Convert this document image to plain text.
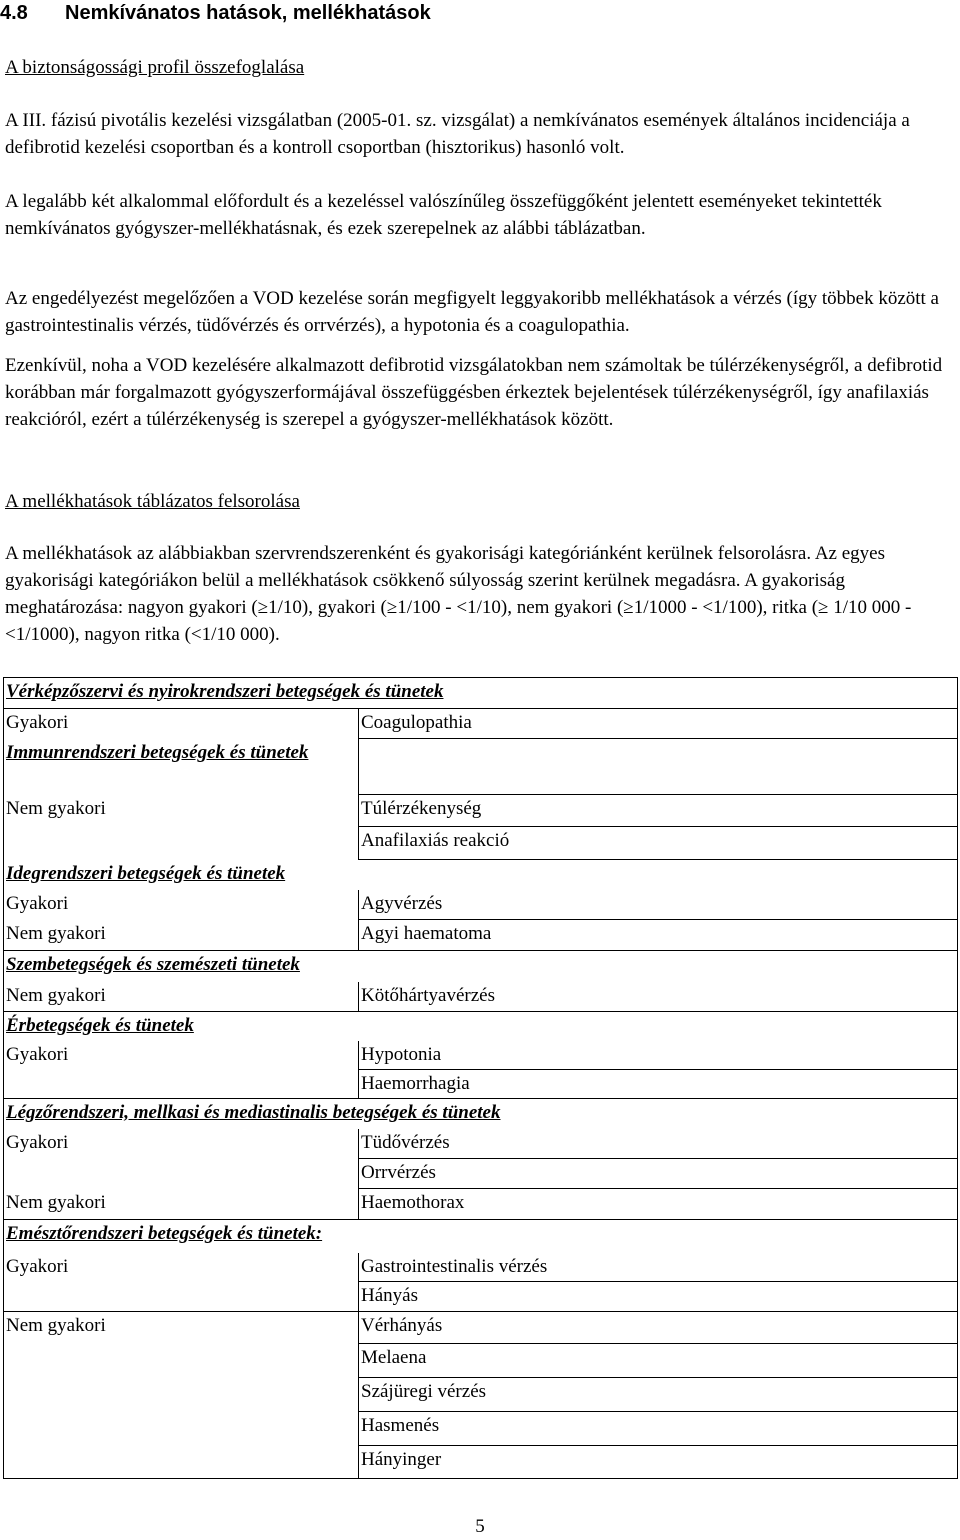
4.8 Nemkívánatos hatások, mellékhatások

A biztonságossági profil összefoglalása

A III. fázisú pivotális kezelési vizsgálatban (2005-01. sz. vizsgálat) a nemkívánatos események általános incidenciája a defibrotid kezelési csoportban és a kontroll csoportban (hisztorikus) hasonló volt.

A legalább két alkalommal előfordult és a kezeléssel valószínűleg összefüggőként jelentett eseményeket tekintették nemkívánatos gyógyszer-mellékhatásnak, és ezek szerepelnek az alábbi táblázatban.

Az engedélyezést megelőzően a VOD kezelése során megfigyelt leggyakoribb mellékhatások a vérzés (így többek között a gastrointestinalis vérzés, tüdővérzés és orrvérzés), a hypotonia és a coagulopathia.

Ezenkívül, noha a VOD kezelésére alkalmazott defibrotid vizsgálatokban nem számoltak be túlérzékenységről, a defibrotid korábban már forgalmazott gyógyszerformájával összefüggésben érkeztek bejelentések túlérzékenységről, így anafilaxiás reakcióról, ezért a túlérzékenység is szerepel a gyógyszer-mellékhatások között.

A mellékhatások táblázatos felsorolása

A mellékhatások az alábbiakban szervrendszerenként és gyakorisági kategóriánként kerülnek felsorolásra. Az egyes gyakorisági kategóriákon belül a mellékhatások csökkenő súlyosság szerint kerülnek megadásra. A gyakoriság meghatározása: nagyon gyakori (≥1/10), gyakori (≥1/100 - <1/10), nem gyakori (≥1/1000 - <1/100), ritka (≥ 1/10 000 - <1/1000), nagyon ritka (<1/10 000).

Vérképzőszervi és nyirokrendszeri betegségek és tünetek	
Gyakori	Coagulopathia
Immunrendszeri betegségek és tünetek	
Nem gyakori	Túlérzékenység
	Anafilaxiás reakció
Idegrendszeri betegségek és tünetek	
Gyakori	Agyvérzés
Nem gyakori	Agyi haematoma
Szembetegségek és szemészeti tünetek	
Nem gyakori	Kötőhártyavérzés
Érbetegségek és tünetek	
Gyakori	Hypotonia
	Haemorrhagia
Légzőrendszeri, mellkasi és mediastinalis betegségek és tünetek	
Gyakori	Tüdővérzés
	Orrvérzés
Nem gyakori	Haemothorax
Emésztőrendszeri betegségek és tünetek:	
Gyakori	Gastrointestinalis vérzés
	Hányás
Nem gyakori	Vérhányás
	Melaena
	Szájüregi vérzés
	Hasmenés
	Hányinger
5
